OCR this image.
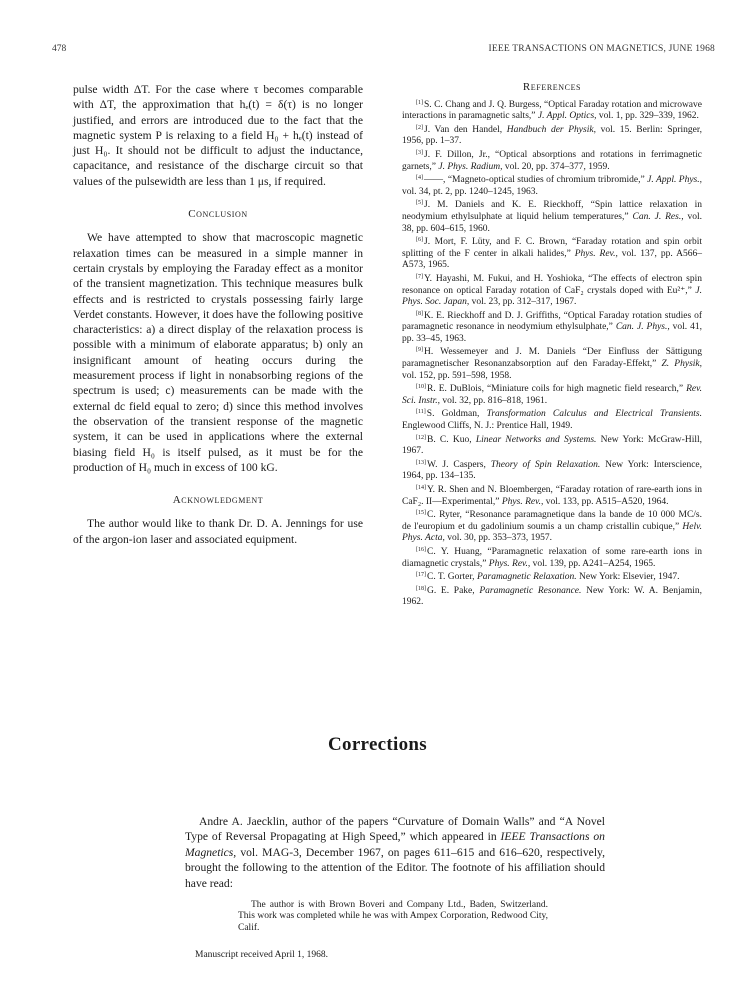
478	IEEE TRANSACTIONS ON MAGNETICS, JUNE 1968

pulse width ΔT. For the case where τ becomes comparable with ΔT, the approximation that hₑ(t) = δ(τ) is no longer justified, and errors are introduced due to the fact that the magnetic system P is relaxing to a field H₀ + hₑ(t) instead of just H₀. It should not be difficult to adjust the inductance, capacitance, and resistance of the discharge circuit so that values of the pulsewidth are less than 1 μs, if required.

Conclusion

We have attempted to show that macroscopic magnetic relaxation times can be measured in a simple manner in certain crystals by employing the Faraday effect as a monitor of the transient magnetization. This technique measures bulk effects and is restricted to crystals possessing fairly large Verdet constants. However, it does have the following positive characteristics: a) a direct display of the relaxation process is possible with a minimum of elaborate apparatus; b) only an insignificant amount of heating occurs during the measurement process if light in nonabsorbing regions of the spectrum is used; c) measurements can be made with the external dc field equal to zero; d) since this method involves the observation of the transient response of the magnetic system, it can be used in applications where the external biasing field H₀ is itself pulsed, as it must be for the production of H₀ much in excess of 100 kG.

Acknowledgment

The author would like to thank Dr. D. A. Jennings for use of the argon-ion laser and associated equipment.

References

[1]S. C. Chang and J. Q. Burgess, “Optical Faraday rotation and microwave interactions in paramagnetic salts,” J. Appl. Optics, vol. 1, pp. 329–339, 1962.

[2]J. Van den Handel, Handbuch der Physik, vol. 15. Berlin: Springer, 1956, pp. 1–37.

[3]J. F. Dillon, Jr., “Optical absorptions and rotations in ferrimagnetic garnets,” J. Phys. Radium, vol. 20, pp. 374–377, 1959.

[4]——, “Magneto-optical studies of chromium tribromide,” J. Appl. Phys., vol. 34, pt. 2, pp. 1240–1245, 1963.

[5]J. M. Daniels and K. E. Rieckhoff, “Spin lattice relaxation in neodymium ethylsulphate at liquid helium temperatures,” Can. J. Res., vol. 38, pp. 604–615, 1960.

[6]J. Mort, F. Lüty, and F. C. Brown, “Faraday rotation and spin orbit splitting of the F center in alkali halides,” Phys. Rev., vol. 137, pp. A566–A573, 1965.

[7]Y. Hayashi, M. Fukui, and H. Yoshioka, “The effects of electron spin resonance on optical Faraday rotation of CaF₂ crystals doped with Eu²⁺,” J. Phys. Soc. Japan, vol. 23, pp. 312–317, 1967.

[8]K. E. Rieckhoff and D. J. Griffiths, “Optical Faraday rotation studies of paramagnetic resonance in neodymium ethylsulphate,” Can. J. Phys., vol. 41, pp. 33–45, 1963.

[9]H. Wessemeyer and J. M. Daniels “Der Einfluss der Sättigung paramagnetischer Resonanzabsorption auf den Faraday-Effekt,” Z. Physik, vol. 152, pp. 591–598, 1958.

[10]R. E. DuBlois, “Miniature coils for high magnetic field research,” Rev. Sci. Instr., vol. 32, pp. 816–818, 1961.

[11]S. Goldman, Transformation Calculus and Electrical Transients. Englewood Cliffs, N. J.: Prentice Hall, 1949.

[12]B. C. Kuo, Linear Networks and Systems. New York: McGraw-Hill, 1967.

[13]W. J. Caspers, Theory of Spin Relaxation. New York: Interscience, 1964, pp. 134–135.

[14]Y. R. Shen and N. Bloembergen, “Faraday rotation of rare-earth ions in CaF₂. II—Experimental,” Phys. Rev., vol. 133, pp. A515–A520, 1964.

[15]C. Ryter, “Resonance paramagnetique dans la bande de 10 000 MC/s. de l'europium et du gadolinium soumis a un champ cristallin cubique,” Helv. Phys. Acta, vol. 30, pp. 353–373, 1957.

[16]C. Y. Huang, “Paramagnetic relaxation of some rare-earth ions in diamagnetic crystals,” Phys. Rev., vol. 139, pp. A241–A254, 1965.

[17]C. T. Gorter, Paramagnetic Relaxation. New York: Elsevier, 1947.

[18]G. E. Pake, Paramagnetic Resonance. New York: W. A. Benjamin, 1962.

Corrections

Andre A. Jaecklin, author of the papers “Curvature of Domain Walls” and “A Novel Type of Reversal Propagating at High Speed,” which appeared in IEEE Transactions on Magnetics, vol. MAG-3, December 1967, on pages 611–615 and 616–620, respectively, brought the following to the attention of the Editor. The footnote of his affiliation should have read:

The author is with Brown Boveri and Company Ltd., Baden, Switzerland. This work was completed while he was with Ampex Corporation, Redwood City, Calif.

Manuscript received April 1, 1968.
